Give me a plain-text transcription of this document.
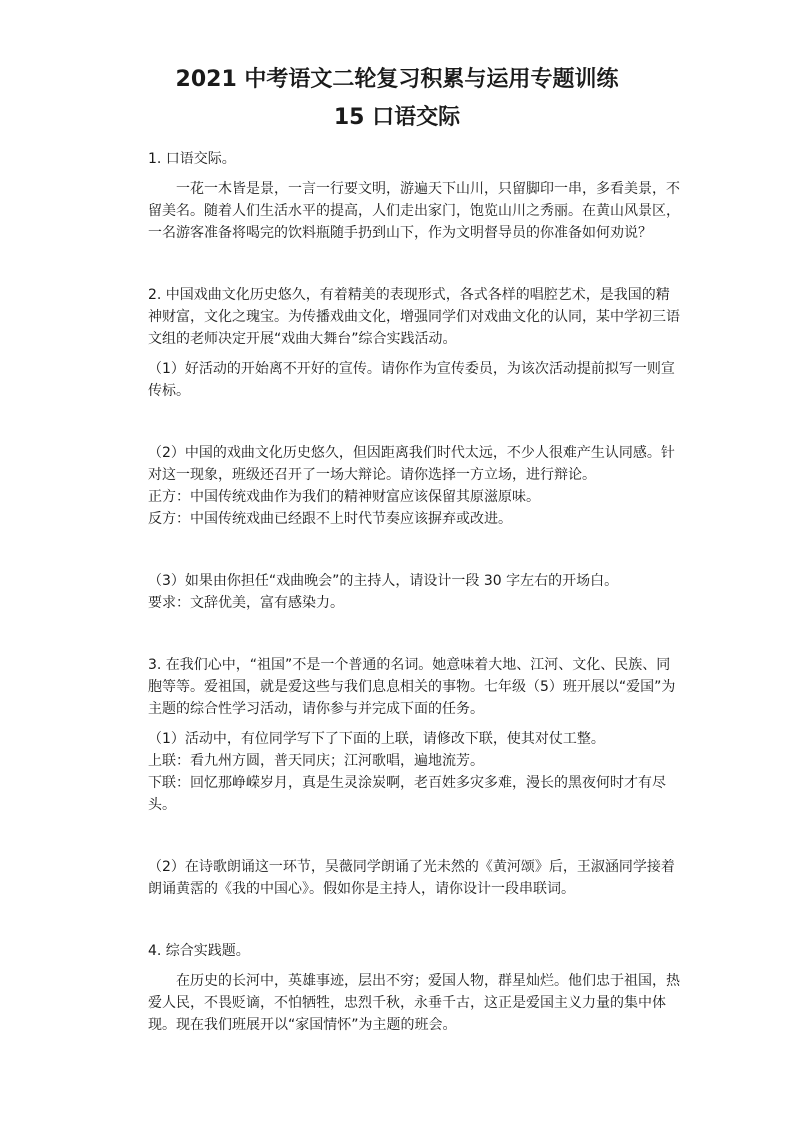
2021 中考语文二轮复习积累与运用专题训练
15 口语交际

1. 口语交际。

一花一木皆是景，一言一行要文明，游遍天下山川，只留脚印一串，多看美景，不留美名。随着人们生活水平的提高，人们走出家门，饱览山川之秀丽。在黄山风景区，一名游客准备将喝完的饮料瓶随手扔到山下，作为文明督导员的你准备如何劝说？

2. 中国戏曲文化历史悠久，有着精美的表现形式，各式各样的唱腔艺术，是我国的精神财富，文化之瑰宝。为传播戏曲文化，增强同学们对戏曲文化的认同，某中学初三语文组的老师决定开展“戏曲大舞台”综合实践活动。

（1）好活动的开始离不开好的宣传。请你作为宣传委员，为该次活动提前拟写一则宣传标。

（2）中国的戏曲文化历史悠久，但因距离我们时代太远，不少人很难产生认同感。针对这一现象，班级还召开了一场大辩论。请你选择一方立场，进行辩论。

正方：中国传统戏曲作为我们的精神财富应该保留其原滋原味。

反方：中国传统戏曲已经跟不上时代节奏应该摒弃或改进。

（3）如果由你担任“戏曲晚会”的主持人，请设计一段 30 字左右的开场白。

要求：文辞优美，富有感染力。

3. 在我们心中，“祖国”不是一个普通的名词。她意味着大地、江河、文化、民族、同胞等等。爱祖国，就是爱这些与我们息息相关的事物。七年级（5）班开展以“爱国”为主题的综合性学习活动，请你参与并完成下面的任务。

（1）活动中，有位同学写下了下面的上联，请修改下联，使其对仗工整。

上联：看九州方圆，普天同庆；江河歌唱，遍地流芳。

下联：回忆那峥嵘岁月，真是生灵涂炭啊，老百姓多灾多难，漫长的黑夜何时才有尽头。

（2）在诗歌朗诵这一环节，吴薇同学朗诵了光未然的《黄河颂》后，王淑涵同学接着朗诵黄霑的《我的中国心》。假如你是主持人，请你设计一段串联词。

4. 综合实践题。

在历史的长河中，英雄事迹，层出不穷；爱国人物，群星灿烂。他们忠于祖国，热爱人民，不畏贬谪，不怕牺牲，忠烈千秋，永垂千古，这正是爱国主义力量的集中体现。现在我们班展开以“家国情怀”为主题的班会。
